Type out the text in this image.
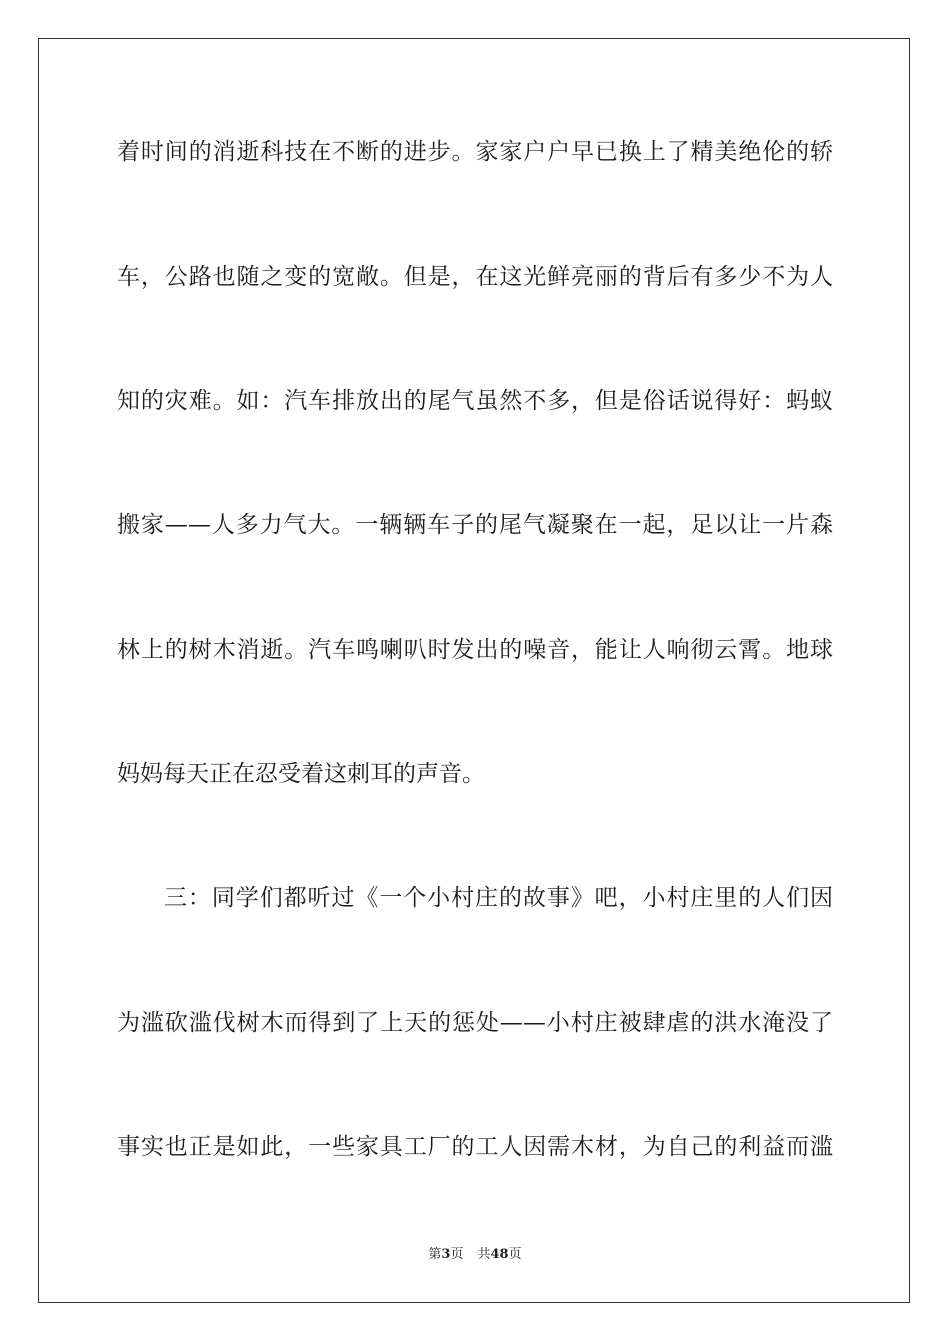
着时间的消逝科技在不断的进步。家家户户早已换上了精美绝伦的轿
车，公路也随之变的宽敞。但是，在这光鲜亮丽的背后有多少不为人
知的灾难。如：汽车排放出的尾气虽然不多，但是俗话说得好：蚂蚁
搬家——人多力气大。一辆辆车子的尾气凝聚在一起，足以让一片森
林上的树木消逝。汽车鸣喇叭时发出的噪音，能让人响彻云霄。地球
妈妈每天正在忍受着这刺耳的声音。
三：同学们都听过《一个小村庄的故事》吧，小村庄里的人们因
为滥砍滥伐树木而得到了上天的惩处——小村庄被肆虐的洪水淹没了
事实也正是如此，一些家具工厂的工人因需木材，为自己的利益而滥
第3页 共48页
